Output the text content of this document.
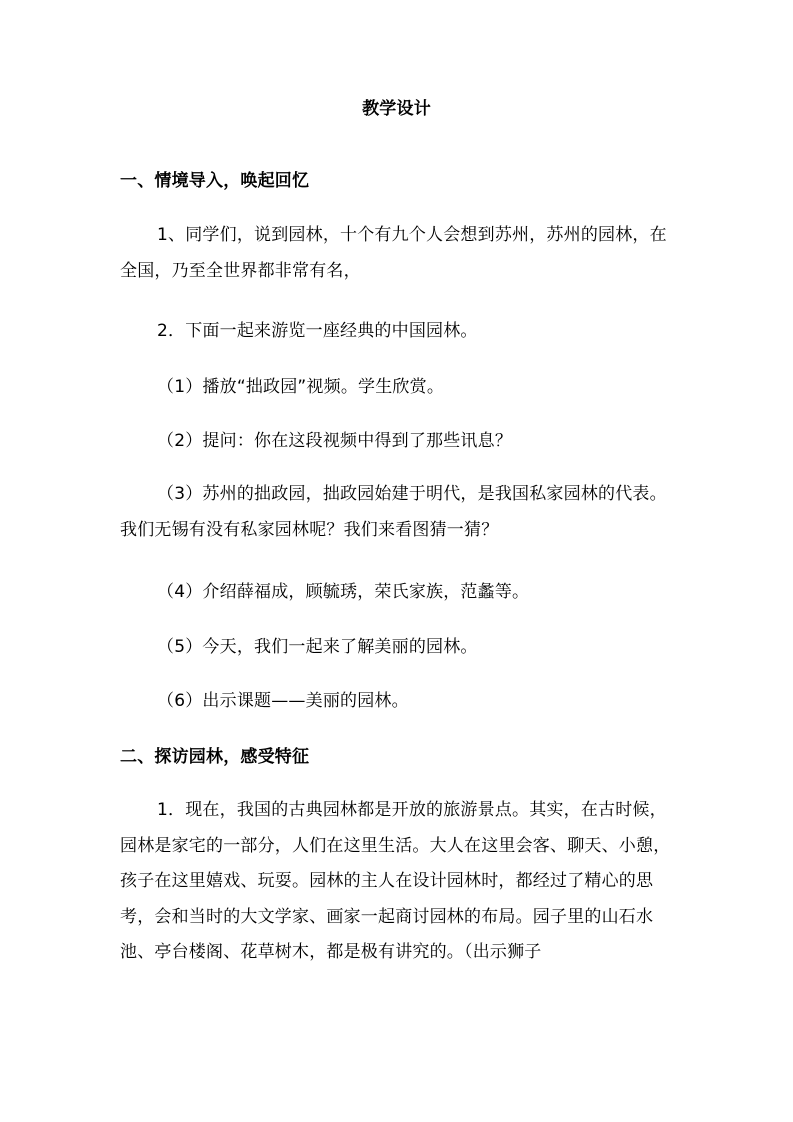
教学设计
一、情境导入，唤起回忆
1、同学们，说到园林，十个有九个人会想到苏州，苏州的园林，在全国，乃至全世界都非常有名，
2．下面一起来游览一座经典的中国园林。
（1）播放“拙政园”视频。学生欣赏。
（2）提问：你在这段视频中得到了那些讯息？
（3）苏州的拙政园，拙政园始建于明代，是我国私家园林的代表。我们无锡有没有私家园林呢？我们来看图猜一猜？
（4）介绍薛福成，顾毓琇，荣氏家族，范蠡等。
（5）今天，我们一起来了解美丽的园林。
（6）出示课题——美丽的园林。
二、探访园林，感受特征
1．现在，我国的古典园林都是开放的旅游景点。其实，在古时候，园林是家宅的一部分，人们在这里生活。大人在这里会客、聊天、小憩，孩子在这里嬉戏、玩耍。园林的主人在设计园林时，都经过了精心的思考，会和当时的大文学家、画家一起商讨园林的布局。园子里的山石水池、亭台楼阁、花草树木，都是极有讲究的。（出示狮子
